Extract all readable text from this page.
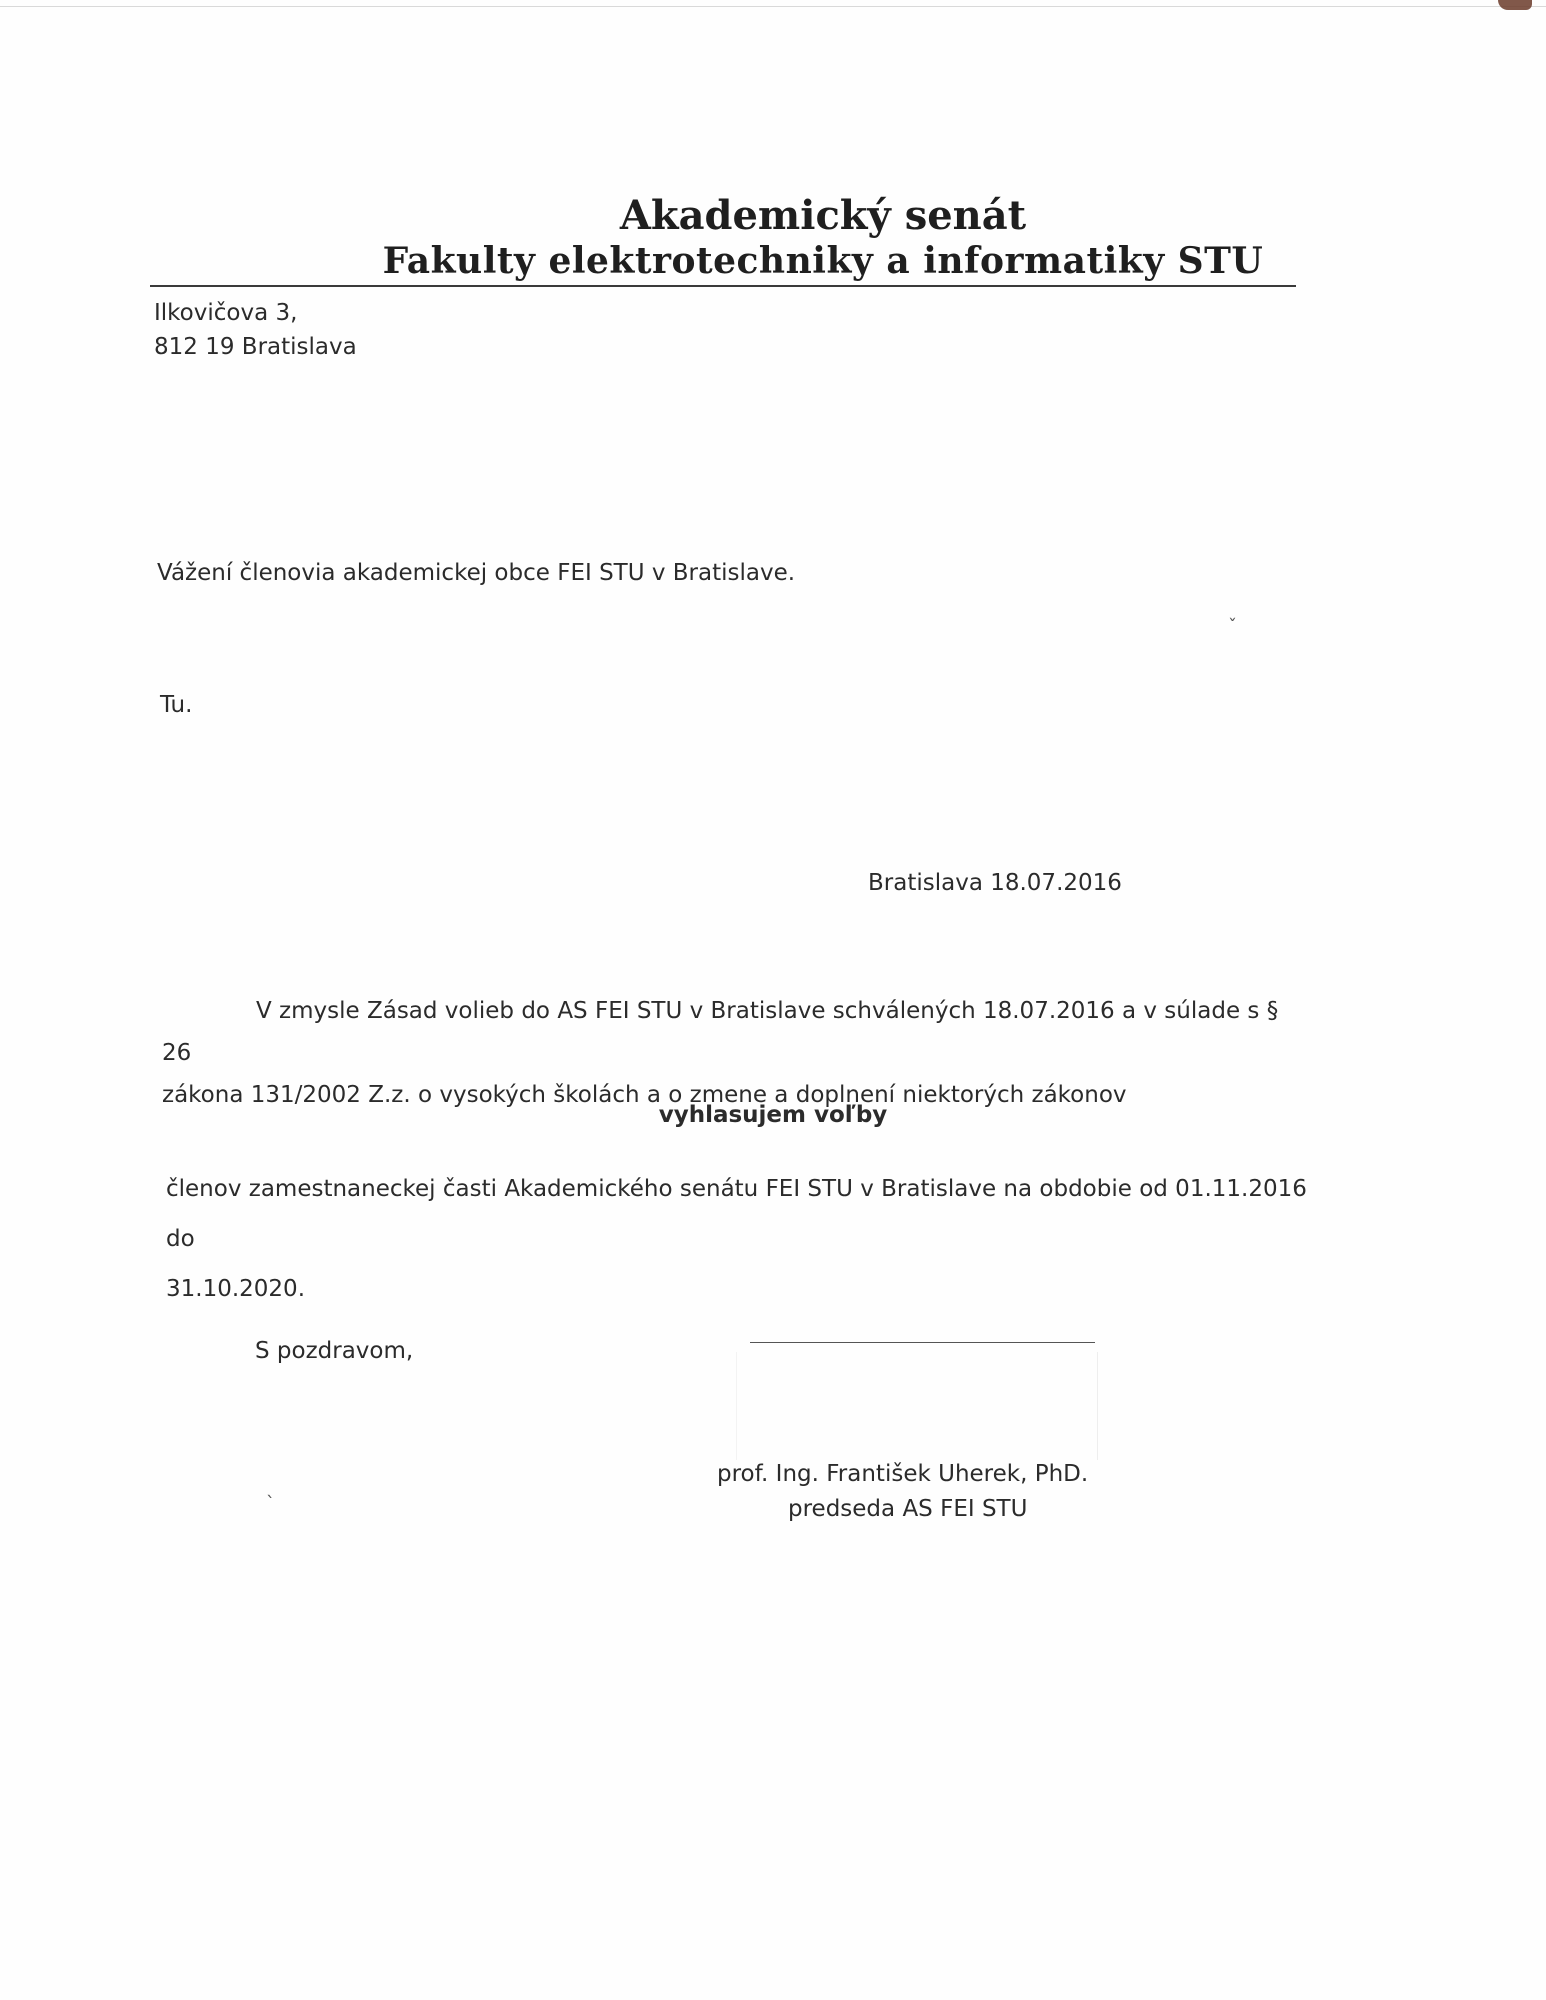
Akademický senát
Fakulty elektrotechniky a informatiky STU
Ilkovičova 3,
812 19 Bratislava
Vážení členovia akademickej obce FEI STU v Bratislave.
Tu.
Bratislava 18.07.2016
V zmysle Zásad volieb do AS FEI STU v Bratislave schválených 18.07.2016 a v súlade s § 26
zákona 131/2002 Z.z. o vysokých školách a o zmene a doplnení niektorých zákonov
vyhlasujem voľby
členov zamestnaneckej časti Akademického senátu FEI STU v Bratislave na obdobie od 01.11.2016 do
31.10.2020.
S pozdravom,
prof. Ing. František Uherek, PhD.
predseda AS FEI STU
ˇ
ˎ
